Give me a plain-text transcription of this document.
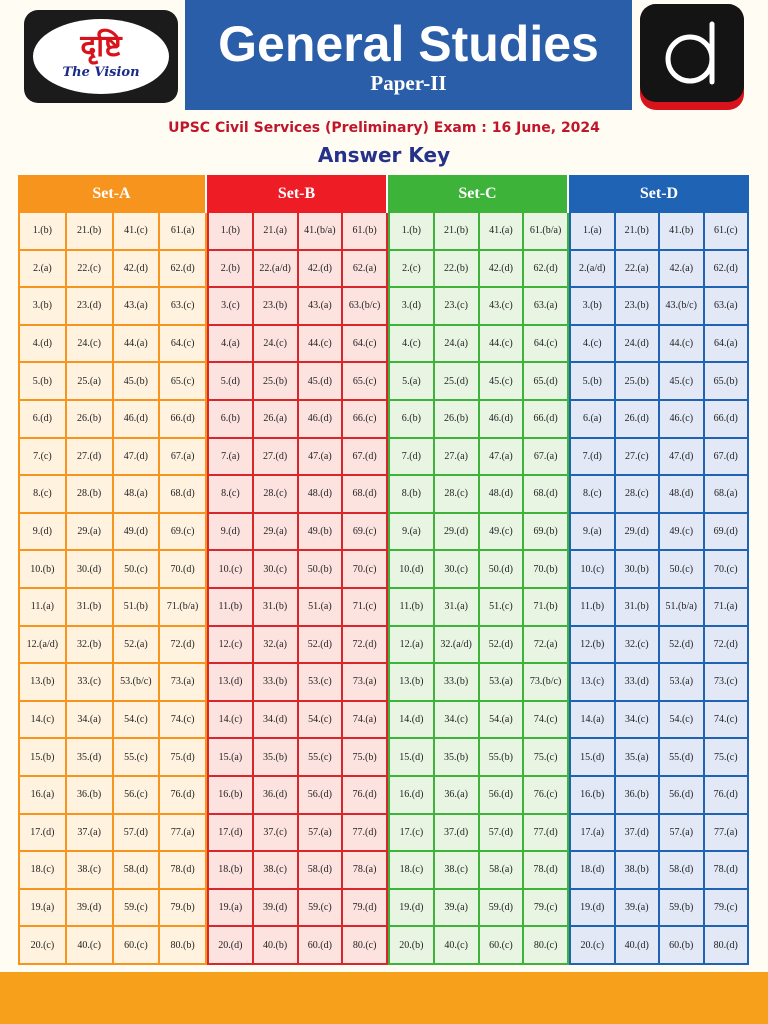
दृष्टि
The Vision
General Studies
Paper-II
UPSC Civil Services (Preliminary) Exam : 16 June, 2024
Answer Key
Set-A
1.(b)	21.(b)	41.(c)	61.(a)
2.(a)	22.(c)	42.(d)	62.(d)
3.(b)	23.(d)	43.(a)	63.(c)
4.(d)	24.(c)	44.(a)	64.(c)
5.(b)	25.(a)	45.(b)	65.(c)
6.(d)	26.(b)	46.(d)	66.(d)
7.(c)	27.(d)	47.(d)	67.(a)
8.(c)	28.(b)	48.(a)	68.(d)
9.(d)	29.(a)	49.(d)	69.(c)
10.(b)	30.(d)	50.(c)	70.(d)
11.(a)	31.(b)	51.(b)	71.(b/a)
12.(a/d)	32.(b)	52.(a)	72.(d)
13.(b)	33.(c)	53.(b/c)	73.(a)
14.(c)	34.(a)	54.(c)	74.(c)
15.(b)	35.(d)	55.(c)	75.(d)
16.(a)	36.(b)	56.(c)	76.(d)
17.(d)	37.(a)	57.(d)	77.(a)
18.(c)	38.(c)	58.(d)	78.(d)
19.(a)	39.(d)	59.(c)	79.(b)
20.(c)	40.(c)	60.(c)	80.(b)
Set-B
1.(b)	21.(a)	41.(b/a)	61.(b)
2.(b)	22.(a/d)	42.(d)	62.(a)
3.(c)	23.(b)	43.(a)	63.(b/c)
4.(a)	24.(c)	44.(c)	64.(c)
5.(d)	25.(b)	45.(d)	65.(c)
6.(b)	26.(a)	46.(d)	66.(c)
7.(a)	27.(d)	47.(a)	67.(d)
8.(c)	28.(c)	48.(d)	68.(d)
9.(d)	29.(a)	49.(b)	69.(c)
10.(c)	30.(c)	50.(b)	70.(c)
11.(b)	31.(b)	51.(a)	71.(c)
12.(c)	32.(a)	52.(d)	72.(d)
13.(d)	33.(b)	53.(c)	73.(a)
14.(c)	34.(d)	54.(c)	74.(a)
15.(a)	35.(b)	55.(c)	75.(b)
16.(b)	36.(d)	56.(d)	76.(d)
17.(d)	37.(c)	57.(a)	77.(d)
18.(b)	38.(c)	58.(d)	78.(a)
19.(a)	39.(d)	59.(c)	79.(d)
20.(d)	40.(b)	60.(d)	80.(c)
Set-C
1.(b)	21.(b)	41.(a)	61.(b/a)
2.(c)	22.(b)	42.(d)	62.(d)
3.(d)	23.(c)	43.(c)	63.(a)
4.(c)	24.(a)	44.(c)	64.(c)
5.(a)	25.(d)	45.(c)	65.(d)
6.(b)	26.(b)	46.(d)	66.(d)
7.(d)	27.(a)	47.(a)	67.(a)
8.(b)	28.(c)	48.(d)	68.(d)
9.(a)	29.(d)	49.(c)	69.(b)
10.(d)	30.(c)	50.(d)	70.(b)
11.(b)	31.(a)	51.(c)	71.(b)
12.(a)	32.(a/d)	52.(d)	72.(a)
13.(b)	33.(b)	53.(a)	73.(b/c)
14.(d)	34.(c)	54.(a)	74.(c)
15.(d)	35.(b)	55.(b)	75.(c)
16.(d)	36.(a)	56.(d)	76.(c)
17.(c)	37.(d)	57.(d)	77.(d)
18.(c)	38.(c)	58.(a)	78.(d)
19.(d)	39.(a)	59.(d)	79.(c)
20.(b)	40.(c)	60.(c)	80.(c)
Set-D
1.(a)	21.(b)	41.(b)	61.(c)
2.(a/d)	22.(a)	42.(a)	62.(d)
3.(b)	23.(b)	43.(b/c)	63.(a)
4.(c)	24.(d)	44.(c)	64.(a)
5.(b)	25.(b)	45.(c)	65.(b)
6.(a)	26.(d)	46.(c)	66.(d)
7.(d)	27.(c)	47.(d)	67.(d)
8.(c)	28.(c)	48.(d)	68.(a)
9.(a)	29.(d)	49.(c)	69.(d)
10.(c)	30.(b)	50.(c)	70.(c)
11.(b)	31.(b)	51.(b/a)	71.(a)
12.(b)	32.(c)	52.(d)	72.(d)
13.(c)	33.(d)	53.(a)	73.(c)
14.(a)	34.(c)	54.(c)	74.(c)
15.(d)	35.(a)	55.(d)	75.(c)
16.(b)	36.(b)	56.(d)	76.(d)
17.(a)	37.(d)	57.(a)	77.(a)
18.(d)	38.(b)	58.(d)	78.(d)
19.(d)	39.(a)	59.(b)	79.(c)
20.(c)	40.(d)	60.(b)	80.(d)
